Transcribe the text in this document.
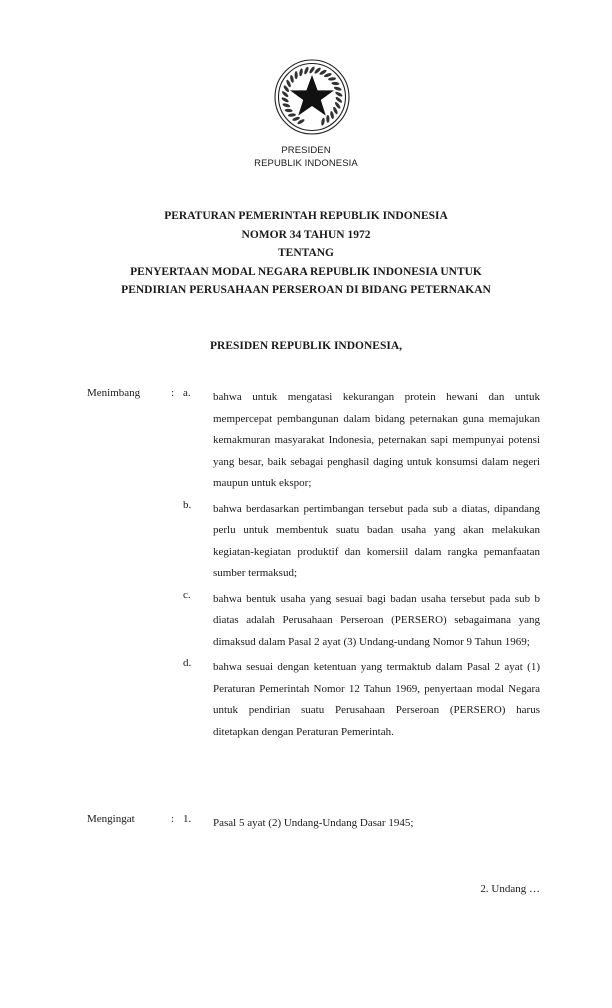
PRESIDEN
REPUBLIK INDONESIA
PERATURAN PEMERINTAH REPUBLIK INDONESIA
NOMOR 34 TAHUN 1972
TENTANG
PENYERTAAN MODAL NEGARA REPUBLIK INDONESIA UNTUK
PENDIRIAN PERUSAHAAN PERSEROAN DI BIDANG PETERNAKAN
PRESIDEN REPUBLIK INDONESIA,
Menimbang	: a. bahwa untuk mengatasi kekurangan protein hewani dan untuk mempercepat pembangunan dalam bidang peternakan guna memajukan kemakmuran masyarakat Indonesia, peternakan sapi mempunyai potensi yang besar, baik sebagai penghasil daging untuk konsumsi dalam negeri maupun untuk ekspor;
b. bahwa berdasarkan pertimbangan tersebut pada sub a diatas, dipandang perlu untuk membentuk suatu badan usaha yang akan melakukan kegiatan-kegiatan produktif dan komersiil dalam rangka pemanfaatan sumber termaksud;
c. bahwa bentuk usaha yang sesuai bagi badan usaha tersebut pada sub b diatas adalah Perusahaan Perseroan (PERSERO) sebagaimana yang dimaksud dalam Pasal 2 ayat (3) Undang-undang Nomor 9 Tahun 1969;
d. bahwa sesuai dengan ketentuan yang termaktub dalam Pasal 2 ayat (1) Peraturan Pemerintah Nomor 12 Tahun 1969, penyertaan modal Negara untuk pendirian suatu Perusahaan Perseroan (PERSERO) harus ditetapkan dengan Peraturan Pemerintah.
Mengingat	: 1. Pasal 5 ayat (2) Undang-Undang Dasar 1945;
2. Undang …
